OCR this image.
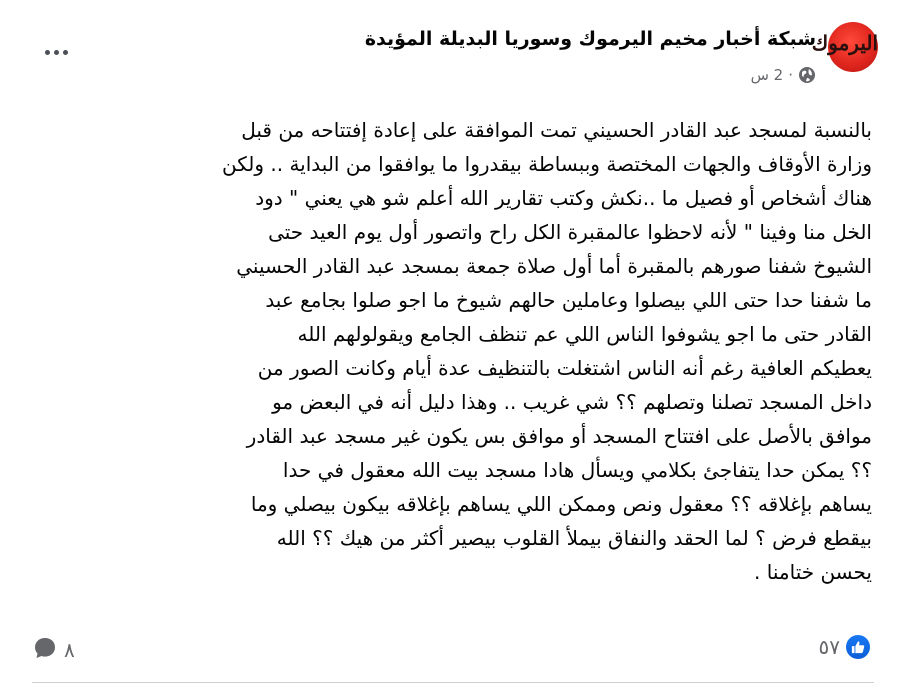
اليرموك
شبكة أخبار مخيم اليرموك وسوريا البديلة المؤيدة
2 س ·
بالنسبة لمسجد عبد القادر الحسيني تمت الموافقة على إعادة إفتتاحه من قبل
وزارة الأوقاف والجهات المختصة وببساطة بيقدروا ما يوافقوا من البداية .. ولكن
هناك أشخاص أو فصيل ما ..نكش وكتب تقارير الله أعلم شو هي يعني " دود
الخل منا وفينا " لأنه لاحظوا عالمقبرة الكل راح واتصور أول يوم العيد حتى
الشيوخ شفنا صورهم بالمقبرة أما أول صلاة جمعة بمسجد عبد القادر الحسيني
ما شفنا حدا حتى اللي بيصلوا وعاملين حالهم شيوخ ما اجو صلوا بجامع عبد
القادر حتى ما اجو يشوفوا الناس اللي عم تنظف الجامع ويقولولهم الله
يعطيكم العافية رغم أنه الناس اشتغلت بالتنظيف عدة أيام وكانت الصور من
داخل المسجد تصلنا وتصلهم ؟؟ شي غريب .. وهذا دليل أنه في البعض مو
موافق بالأصل على افتتاح المسجد أو موافق بس يكون غير مسجد عبد القادر
؟؟ يمكن حدا يتفاجئ بكلامي ويسأل هادا مسجد بيت الله معقول في حدا
يساهم بإغلاقه ؟؟ معقول ونص وممكن اللي يساهم بإغلاقه بيكون بيصلي وما
بيقطع فرض ؟ لما الحقد والنفاق بيملأ القلوب بيصير أكثر من هيك ؟؟ الله
يحسن ختامنا .
٥٧
٨
